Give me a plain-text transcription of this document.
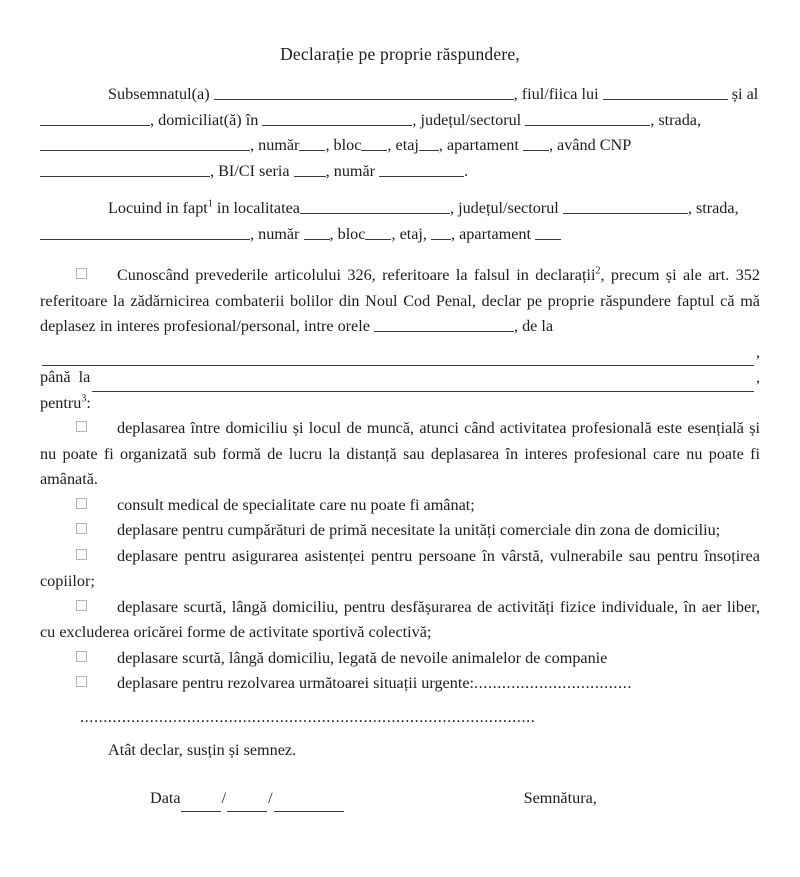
Declarație pe proprie răspundere,
Subsemnatul(a)	, fiul/fiica lui	și al
, domiciliat(ă) în	, județul/sectorul	, strada,
, număr , bloc , etaj , apartament , având CNP
, BI/CI seria , număr	.
Locuind in fapt$^1$ in localitatea	, județul/sectorul	, strada,
, număr , bloc , etaj, , apartament
Cunoscând prevederile articolului 326, referitoare la falsul in declarații$^2$, precum și ale art. 352 referitoare la zădărnicirea combaterii bolilor din Noul Cod Penal, declar pe proprie răspundere faptul că mă deplasez in interes profesional/personal, intre orele	, de la
,
până  la	,
pentru$^3$:
deplasarea între domiciliu și locul de muncă, atunci când activitatea profesională este esențială și nu poate fi organizată sub formă de lucru la distanță sau deplasarea în interes profesional care nu poate fi amânată.
consult medical de specialitate care nu poate fi amânat;
deplasare pentru cumpărături de primă necesitate la unități comerciale din zona de domiciliu;
deplasare pentru asigurarea asistenței pentru persoane în vârstă, vulnerabile sau pentru însoțirea copiilor;
deplasare scurtă, lângă domiciliu, pentru desfășurarea de activități fizice individuale, în aer liber, cu excluderea oricărei forme de activitate sportivă colectivă;
deplasare scurtă, lângă domiciliu, legată de nevoile animalelor de companie
deplasare pentru rezolvarea următoarei situații urgente:..................................
..................................................................................................
Atât declar, susțin și semnez.
Data	/	/	Semnătura,
